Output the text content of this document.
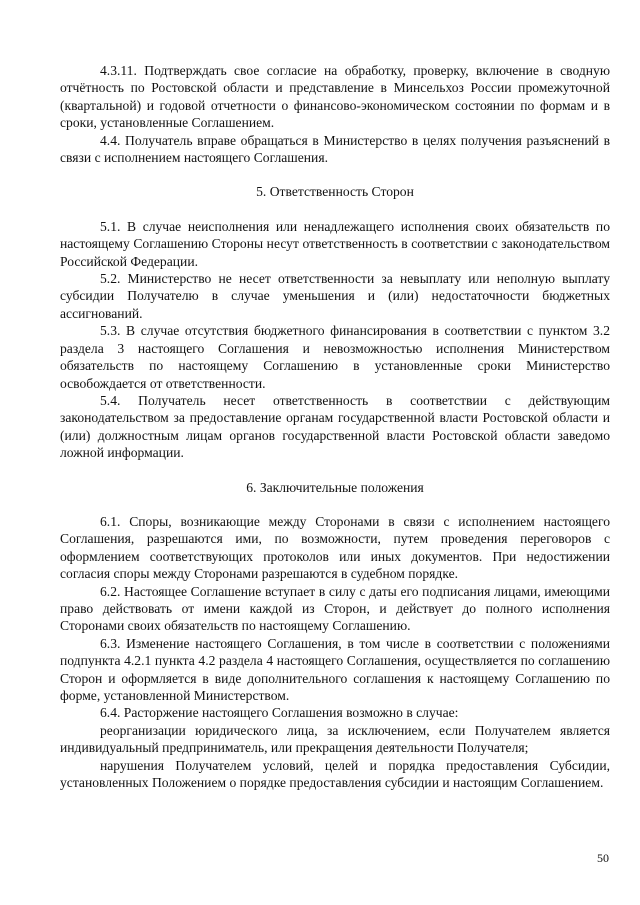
4.3.11. Подтверждать свое согласие на обработку, проверку, включение в сводную отчётность по Ростовской области и представление в Минсельхоз России промежуточной (квартальной) и годовой отчетности о финансово-экономическом состоянии по формам и в сроки, установленные Соглашением.

4.4. Получатель вправе обращаться в Министерство в целях получения разъяснений в связи с исполнением настоящего Соглашения.

5. Ответственность Сторон

5.1. В случае неисполнения или ненадлежащего исполнения своих обязательств по настоящему Соглашению Стороны несут ответственность в соответствии с законодательством Российской Федерации.

5.2. Министерство не несет ответственности за невыплату или неполную выплату субсидии Получателю в случае уменьшения и (или) недостаточности бюджетных ассигнований.

5.3. В случае отсутствия бюджетного финансирования в соответствии с пунктом 3.2 раздела 3 настоящего Соглашения и невозможностью исполнения Министерством обязательств по настоящему Соглашению в установленные сроки Министерство освобождается от ответственности.

5.4. Получатель несет ответственность в соответствии с действующим законодательством за предоставление органам государственной власти Ростовской области и (или) должностным лицам органов государственной власти Ростовской области заведомо ложной информации.

6. Заключительные положения

6.1. Споры, возникающие между Сторонами в связи с исполнением настоящего Соглашения, разрешаются ими, по возможности, путем проведения переговоров с оформлением соответствующих протоколов или иных документов. При недостижении согласия споры между Сторонами разрешаются в судебном порядке.

6.2. Настоящее Соглашение вступает в силу с даты его подписания лицами, имеющими право действовать от имени каждой из Сторон, и действует до полного исполнения Сторонами своих обязательств по настоящему Соглашению.

6.3. Изменение настоящего Соглашения, в том числе в соответствии с положениями подпункта 4.2.1 пункта 4.2 раздела 4 настоящего Соглашения, осуществляется по соглашению Сторон и оформляется в виде дополнительного соглашения к настоящему Соглашению по форме, установленной Министерством.

6.4. Расторжение настоящего Соглашения возможно в случае:

реорганизации юридического лица, за исключением, если Получателем является индивидуальный предприниматель, или прекращения деятельности Получателя;

нарушения Получателем условий, целей и порядка предоставления Субсидии, установленных Положением о порядке предоставления субсидии и настоящим Соглашением.

50
